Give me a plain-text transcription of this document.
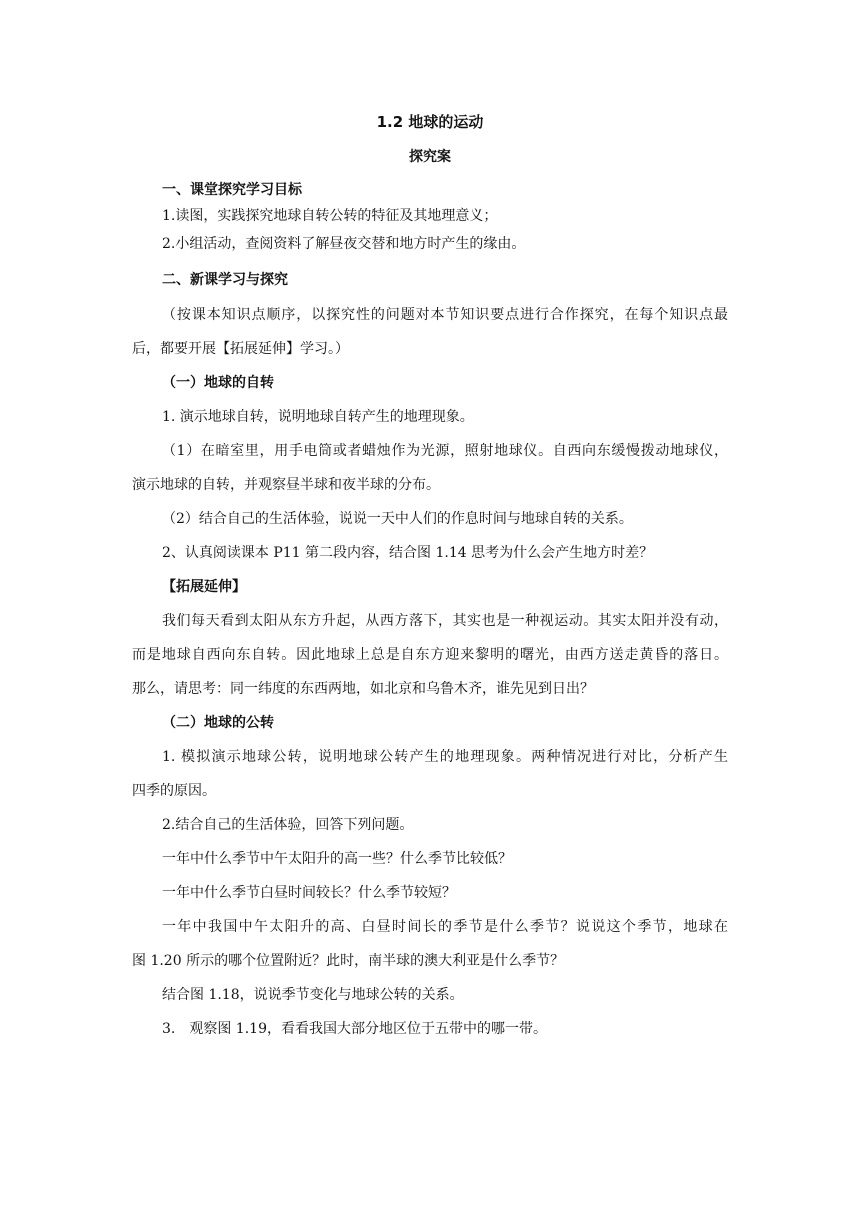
1.2 地球的运动
探究案
一、课堂探究学习目标
1.读图，实践探究地球自转公转的特征及其地理意义；
2.小组活动，查阅资料了解昼夜交替和地方时产生的缘由。
二、新课学习与探究
（按课本知识点顺序，以探究性的问题对本节知识要点进行合作探究，在每个知识点最
后，都要开展【拓展延伸】学习。）
（一）地球的自转
1. 演示地球自转，说明地球自转产生的地理现象。
（1）在暗室里，用手电筒或者蜡烛作为光源，照射地球仪。自西向东缓慢拨动地球仪，
演示地球的自转，并观察昼半球和夜半球的分布。
（2）结合自己的生活体验，说说一天中人们的作息时间与地球自转的关系。
2、认真阅读课本 P11 第二段内容，结合图 1.14 思考为什么会产生地方时差？
【拓展延伸】
我们每天看到太阳从东方升起，从西方落下，其实也是一种视运动。其实太阳并没有动，
而是地球自西向东自转。因此地球上总是自东方迎来黎明的曙光，由西方送走黄昏的落日。
那么，请思考：同一纬度的东西两地，如北京和乌鲁木齐，谁先见到日出？
（二）地球的公转
1. 模拟演示地球公转，说明地球公转产生的地理现象。两种情况进行对比，分析产生
四季的原因。
2.结合自己的生活体验，回答下列问题。
一年中什么季节中午太阳升的高一些？什么季节比较低？
一年中什么季节白昼时间较长？什么季节较短？
一年中我国中午太阳升的高、白昼时间长的季节是什么季节？说说这个季节，地球在
图 1.20 所示的哪个位置附近？此时，南半球的澳大利亚是什么季节？
结合图 1.18，说说季节变化与地球公转的关系。
3.　观察图 1.19，看看我国大部分地区位于五带中的哪一带。
